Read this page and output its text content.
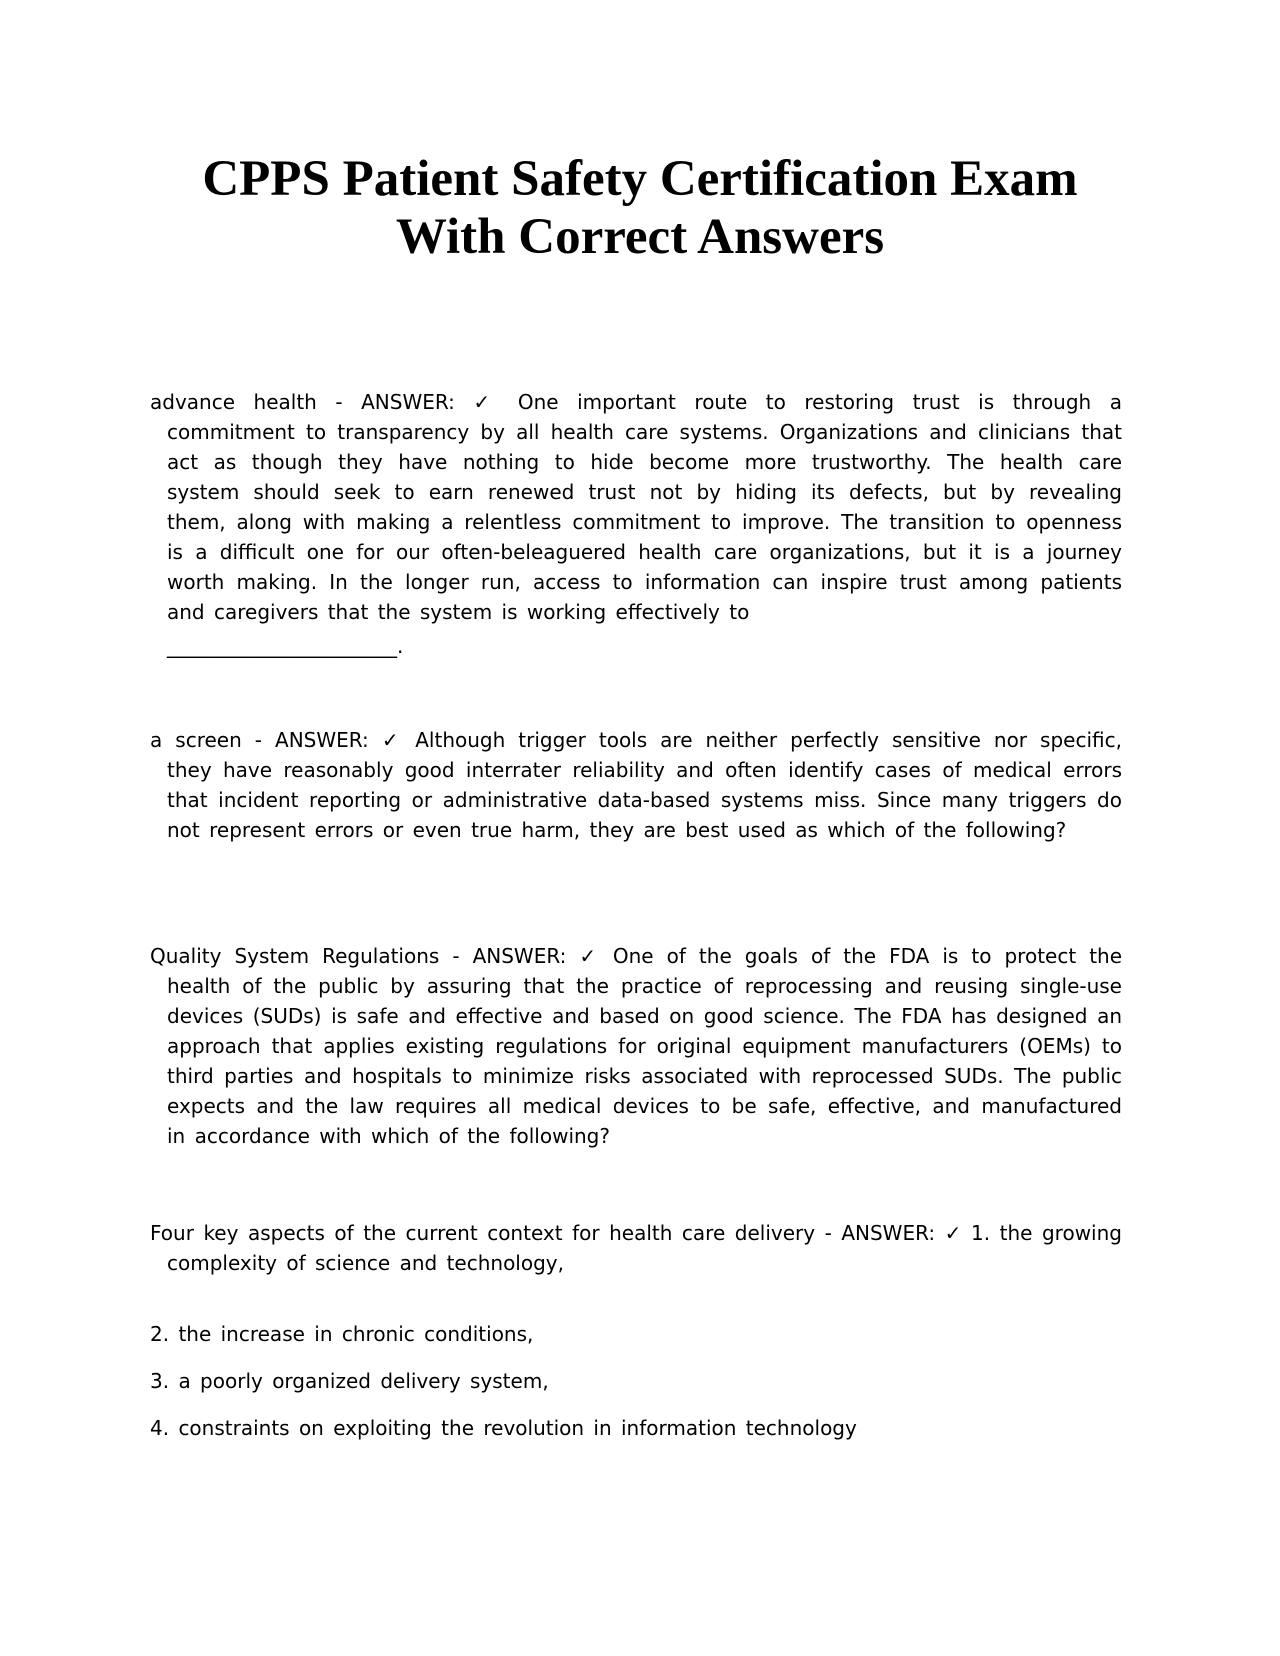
CPPS Patient Safety Certification Exam
With Correct Answers
advance health - ANSWER: ✓ One important route to restoring trust is through a commitment to transparency by all health care systems. Organizations and clinicians that act as though they have nothing to hide become more trustworthy. The health care system should seek to earn renewed trust not by hiding its defects, but by revealing them, along with making a relentless commitment to improve. The transition to openness is a difficult one for our often-beleaguered health care organizations, but it is a journey worth making. In the longer run, access to information can inspire trust among patients and caregivers that the system is working effectively to
_______________________.
a screen - ANSWER: ✓ Although trigger tools are neither perfectly sensitive nor specific, they have reasonably good interrater reliability and often identify cases of medical errors that incident reporting or administrative data-based systems miss. Since many triggers do not represent errors or even true harm, they are best used as which of the following?
Quality System Regulations - ANSWER: ✓ One of the goals of the FDA is to protect the health of the public by assuring that the practice of reprocessing and reusing single-use devices (SUDs) is safe and effective and based on good science. The FDA has designed an approach that applies existing regulations for original equipment manufacturers (OEMs) to third parties and hospitals to minimize risks associated with reprocessed SUDs. The public expects and the law requires all medical devices to be safe, effective, and manufactured in accordance with which of the following?
Four key aspects of the current context for health care delivery - ANSWER: ✓ 1. the growing complexity of science and technology,
2. the increase in chronic conditions,
3. a poorly organized delivery system,
4. constraints on exploiting the revolution in information technology
